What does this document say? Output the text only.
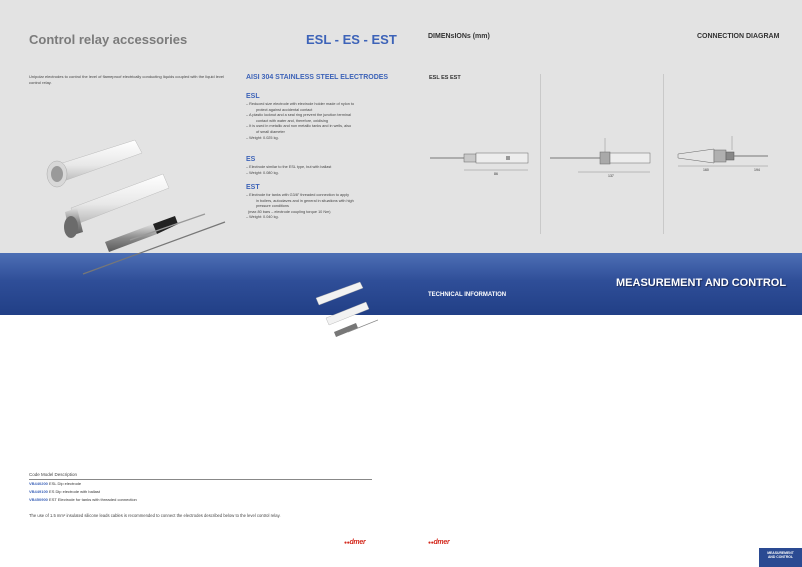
Control relay accessories	ESL - ES - EST	DIMENsIONs (mm)	CONNECTION DIAGRAM
Unipolar electrodes to control the level of flameproof electrically conducting liquids coupled with the liquid level control relay.
AISI 304 STAINLESS STEEL ELECTRODES
ESL

– Reduced size electrode with electrode holder made of nylon to

protect against accidental contact

– A plastic locknut and a seal ring prevent the junction terminal

contact with water and, therefore, oxidising

– It is used in metallic and non metallic tanks and in wells, also

of small diameter

– Weight: 0.025 kg.

ES

– Electrode similar to the ESL type, but with ballast

– Weight: 0.080 kg.

EST

– Electrode for tanks with G3/8" threaded connection to apply

in boilers, autoclaves and in general in situations with high

pressure conditions

(max 80 bars – electrode coupling torque 10 Nm)

– Weight: 0.040 kg.

ESL ES EST
86	137
160	194
MEASUREMENT AND CONTROL
TECHNICAL INFORMATION
Code Model Description
VB440200 ESL Dip electrode
VB449100 ES Dip electrode with ballast
VB450900 EST Electrode for tanks with threaded connection
The use of 1.5 mm² insulated silicone leads cables is recommended to connect the electrodes described below to the level control relay.
●●dmer	●●dmer
MEASUREMENT
AND CONTROL
